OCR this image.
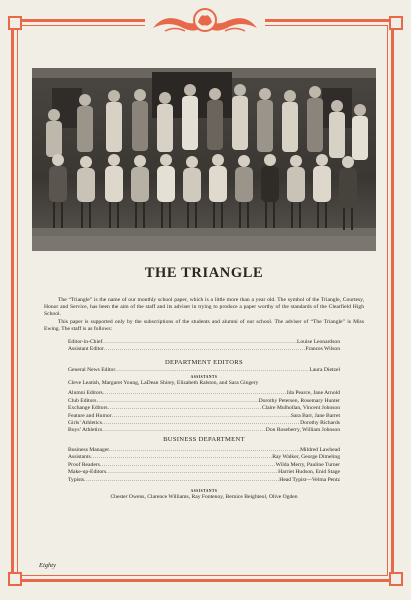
THE TRIANGLE

The “Triangle” is the name of our monthly school paper, which is a little more than a year old. The symbol of the Triangle, Courtesy, Honor and Service, has been the aim of the staff and its adviser in trying to produce a paper worthy of the standards of the Clearfield High School.

This paper is supported only by the subscriptions of the students and alumni of our school. The adviser of “The Triangle” is Miss Ewing. The staff is as follows:

Editor-in-Chief .....	Louise Leonardson
Assistant Editor .....	Frances Wilson

DEPARTMENT EDITORS

General News Editor .....	Laura Dietzel

ASSISTANTS

Cleve Leatish, Margaret Young, LaDean Shirey, Elizabeth Ralston, and Sara Gingery

Alumni Editors .....	Ida Pearce, Jane Arnold
Club Editors .....	Dorothy Petersen, Rosemary Hunter
Exchange Editors .....	Claire Mulhollan, Vincent Johnson
Feature and Humor .....	Sara Barr, Jane Barret
Girls’ Athletics .....	Dorothy Richards
Boys’ Athletics .....	Don Roseberry, William Johnson

BUSINESS DEPARTMENT

Business Manager .....	Mildred Lawhead
Assistants .....	Ray Walker, George Dimeling
Proof Readers .....	Wilda Merry, Pauline Turner
Make-up-Editors .....	Harriet Hudson, Enid Stage
Typists .....	Head Typist—Velma Pentz

ASSISTANTS

Chester Owens, Clarence Williams, Ray Fontenoy, Bernice Beighteol, Olive Ogden

Eighty
